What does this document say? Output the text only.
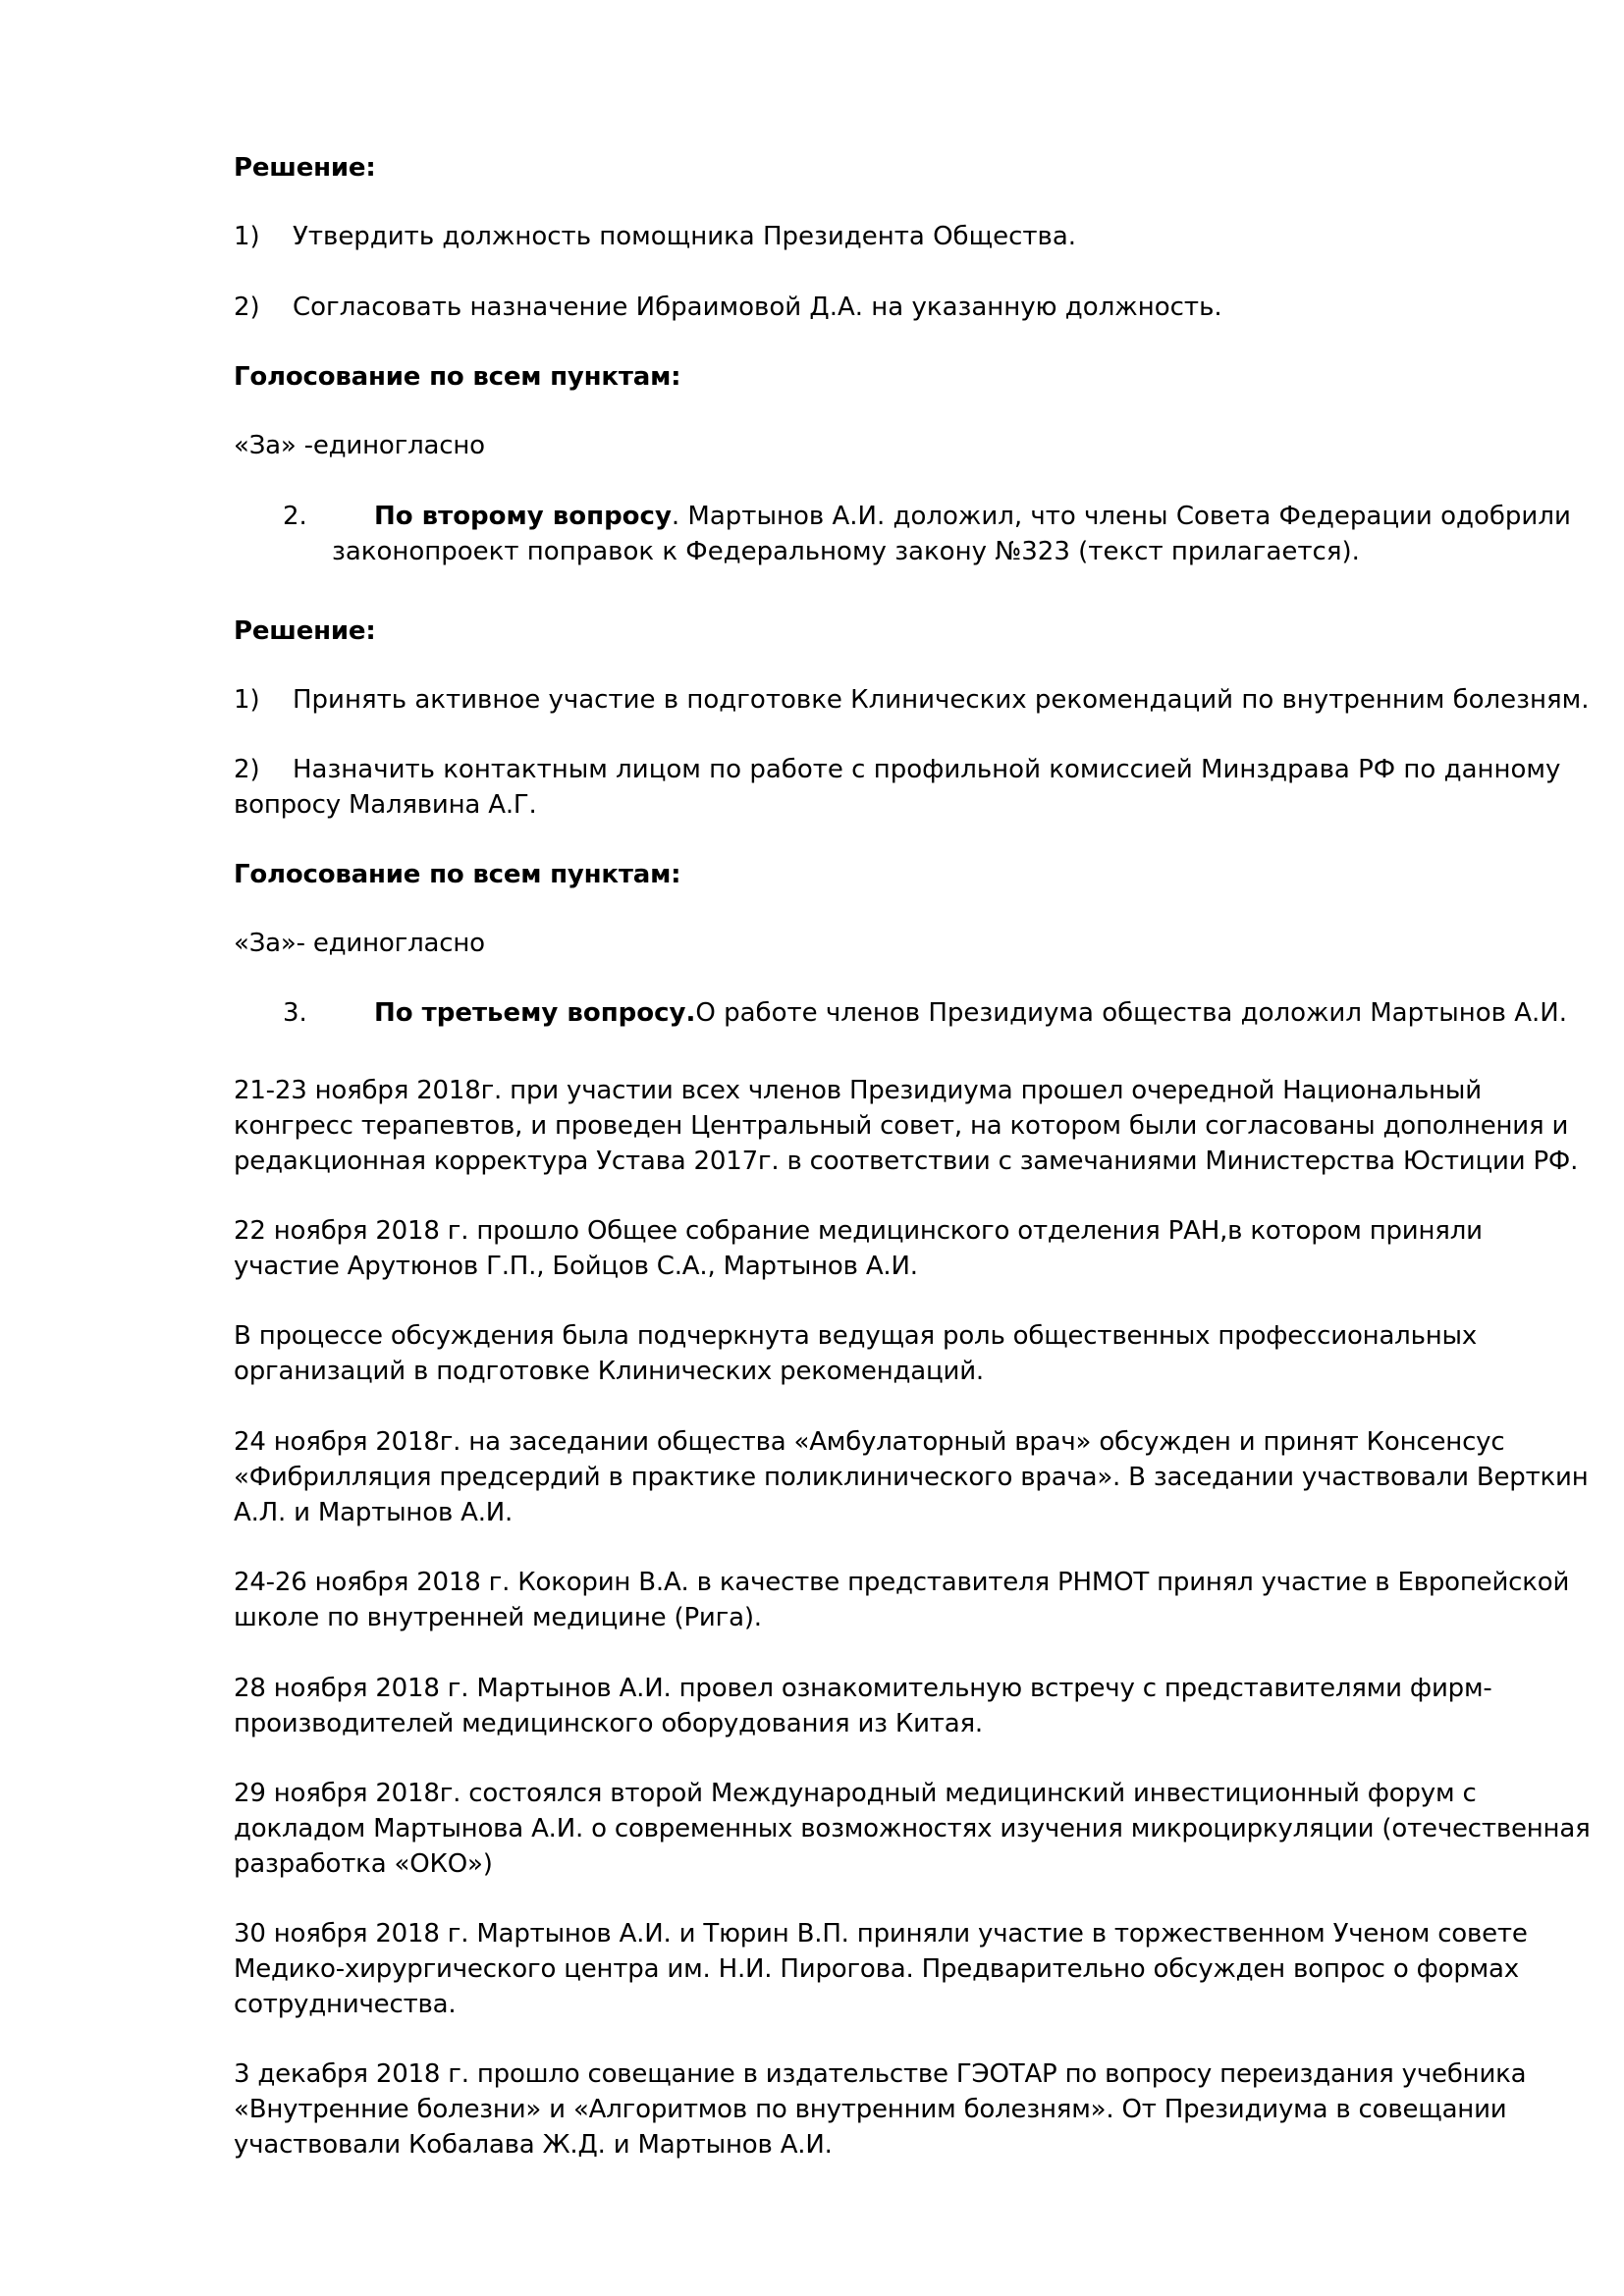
Решение:
1) Утвердить должность помощника Президента Общества.
2) Согласовать назначение Ибраимовой Д.А. на указанную должность.
Голосование по всем пунктам:
«За» -единогласно
2.	По второму вопросу. Мартынов А.И. доложил, что члены Совета Федерации одобрили
законопроект поправок к Федеральному закону №323 (текст прилагается).
Решение:
1) Принять активное участие в подготовке Клинических рекомендаций по внутренним болезням.
2) Назначить контактным лицом по работе с профильной комиссией Минздрава РФ по данному
вопросу Малявина А.Г.
Голосование по всем пунктам:
«За»- единогласно
3.	По третьему вопросу.О работе членов Президиума общества доложил Мартынов А.И.
21-23 ноября 2018г. при участии всех членов Президиума прошел очередной Национальный
конгресс терапевтов, и проведен Центральный совет, на котором были согласованы дополнения и
редакционная корректура Устава 2017г. в соответствии с замечаниями Министерства Юстиции РФ.
22 ноября 2018 г. прошло Общее собрание медицинского отделения РАН,в котором приняли
участие Арутюнов Г.П., Бойцов С.А., Мартынов А.И.
В процессе обсуждения была подчеркнута ведущая роль общественных профессиональных
организаций в подготовке Клинических рекомендаций.
24 ноября 2018г. на заседании общества «Амбулаторный врач» обсужден и принят Консенсус
«Фибрилляция предсердий в практике поликлинического врача». В заседании участвовали Верткин
А.Л. и Мартынов А.И.
24-26 ноября 2018 г. Кокорин В.А. в качестве представителя РНМОТ принял участие в Европейской
школе по внутренней медицине (Рига).
28 ноября 2018 г. Мартынов А.И. провел ознакомительную встречу с представителями фирм-
производителей медицинского оборудования из Китая.
29 ноября 2018г. состоялся второй Международный медицинский инвестиционный форум с
докладом Мартынова А.И. о современных возможностях изучения микроциркуляции (отечественная
разработка «ОКО»)
30 ноября 2018 г. Мартынов А.И. и Тюрин В.П. приняли участие в торжественном Ученом совете
Медико-хирургического центра им. Н.И. Пирогова. Предварительно обсужден вопрос о формах
сотрудничества.
3 декабря 2018 г. прошло совещание в издательстве ГЭОТАР по вопросу переиздания учебника
«Внутренние болезни» и «Алгоритмов по внутренним болезням». От Президиума в совещании
участвовали Кобалава Ж.Д. и Мартынов А.И.
